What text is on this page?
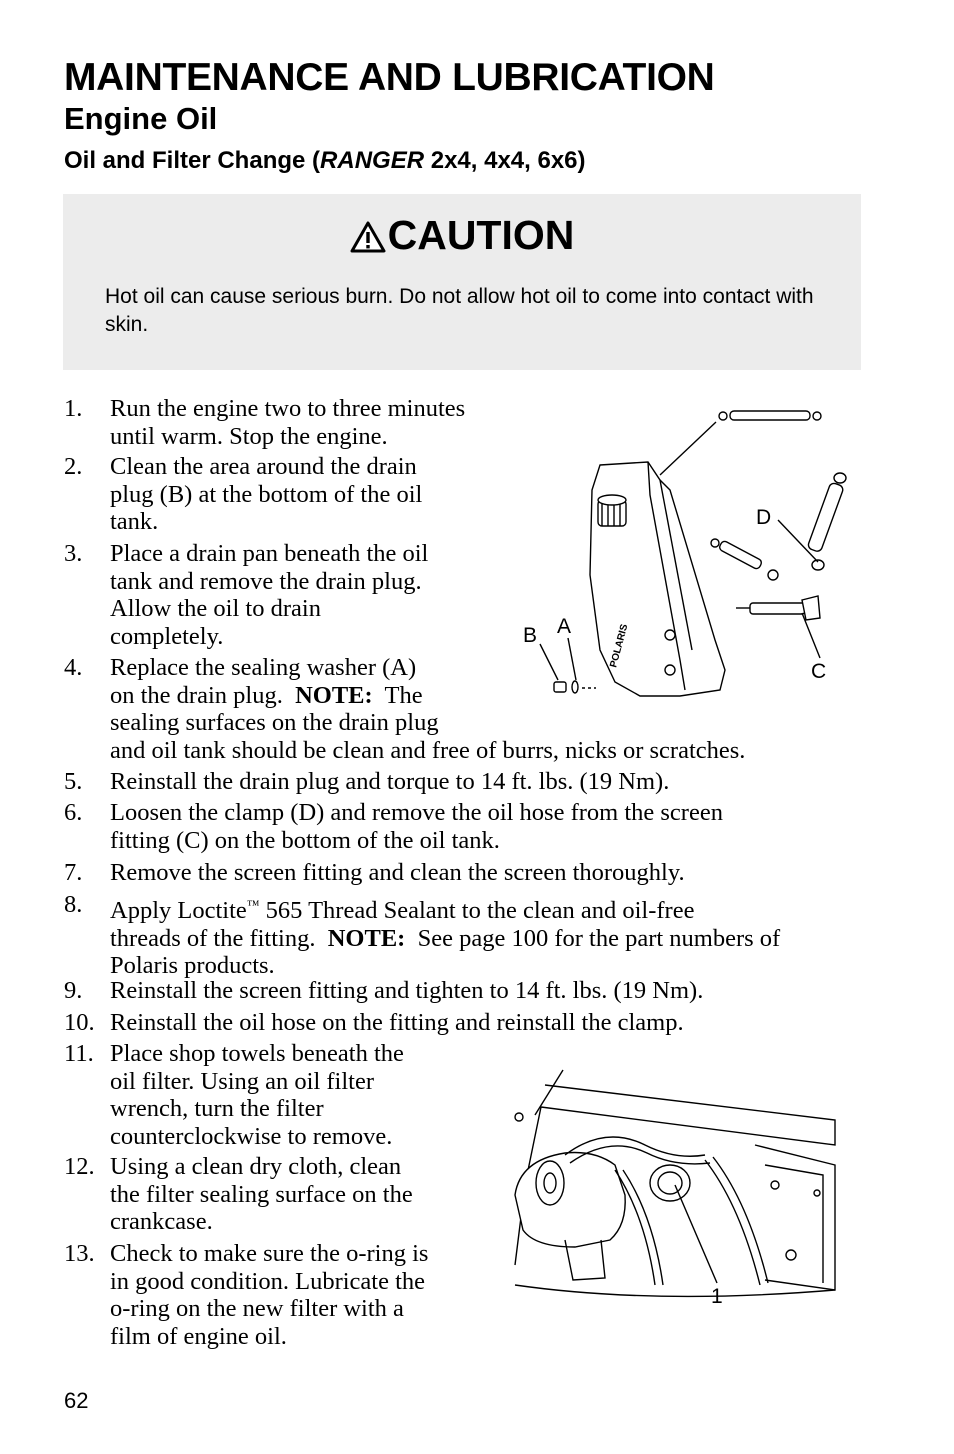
MAINTENANCE AND LUBRICATION
Engine Oil
Oil and Filter Change (RANGER 2x4, 4x4, 6x6)
CAUTION
Hot oil can cause serious burn. Do not allow hot oil to come into contact with skin.
1.	Run the engine two to three minutes
until warm. Stop the engine.
2.	Clean the area around the drain
plug (B) at the bottom of the oil
tank.
3.	Place a drain pan beneath the oil
tank and remove the drain plug.
Allow the oil to drain
completely.
4.	Replace the sealing washer (A)
on the drain plug.  NOTE:  The
sealing surfaces on the drain plug
and oil tank should be clean and free of burrs, nicks or scratches.
5.	Reinstall the drain plug and torque to 14 ft. lbs. (19 Nm).
6.	Loosen the clamp (D) and remove the oil hose from the screen
fitting (C) on the bottom of the oil tank.
7.	Remove the screen fitting and clean the screen thoroughly.
8.	Apply Loctite™ 565 Thread Sealant to the clean and oil-free
threads of the fitting.  NOTE:  See page 100 for the part numbers of
Polaris products.
9.	Reinstall the screen fitting and tighten to 14 ft. lbs. (19 Nm).
10. Reinstall the oil hose on the fitting and reinstall the clamp.
11. Place shop towels beneath the
oil filter. Using an oil filter
wrench, turn the filter
counterclockwise to remove.
12. Using a clean dry cloth, clean
the filter sealing surface on the
crankcase.
13. Check to make sure the o-ring is
in good condition. Lubricate the
o-ring on the new filter with a
film of engine oil.
POLARIS
B A
D
C
1
62
